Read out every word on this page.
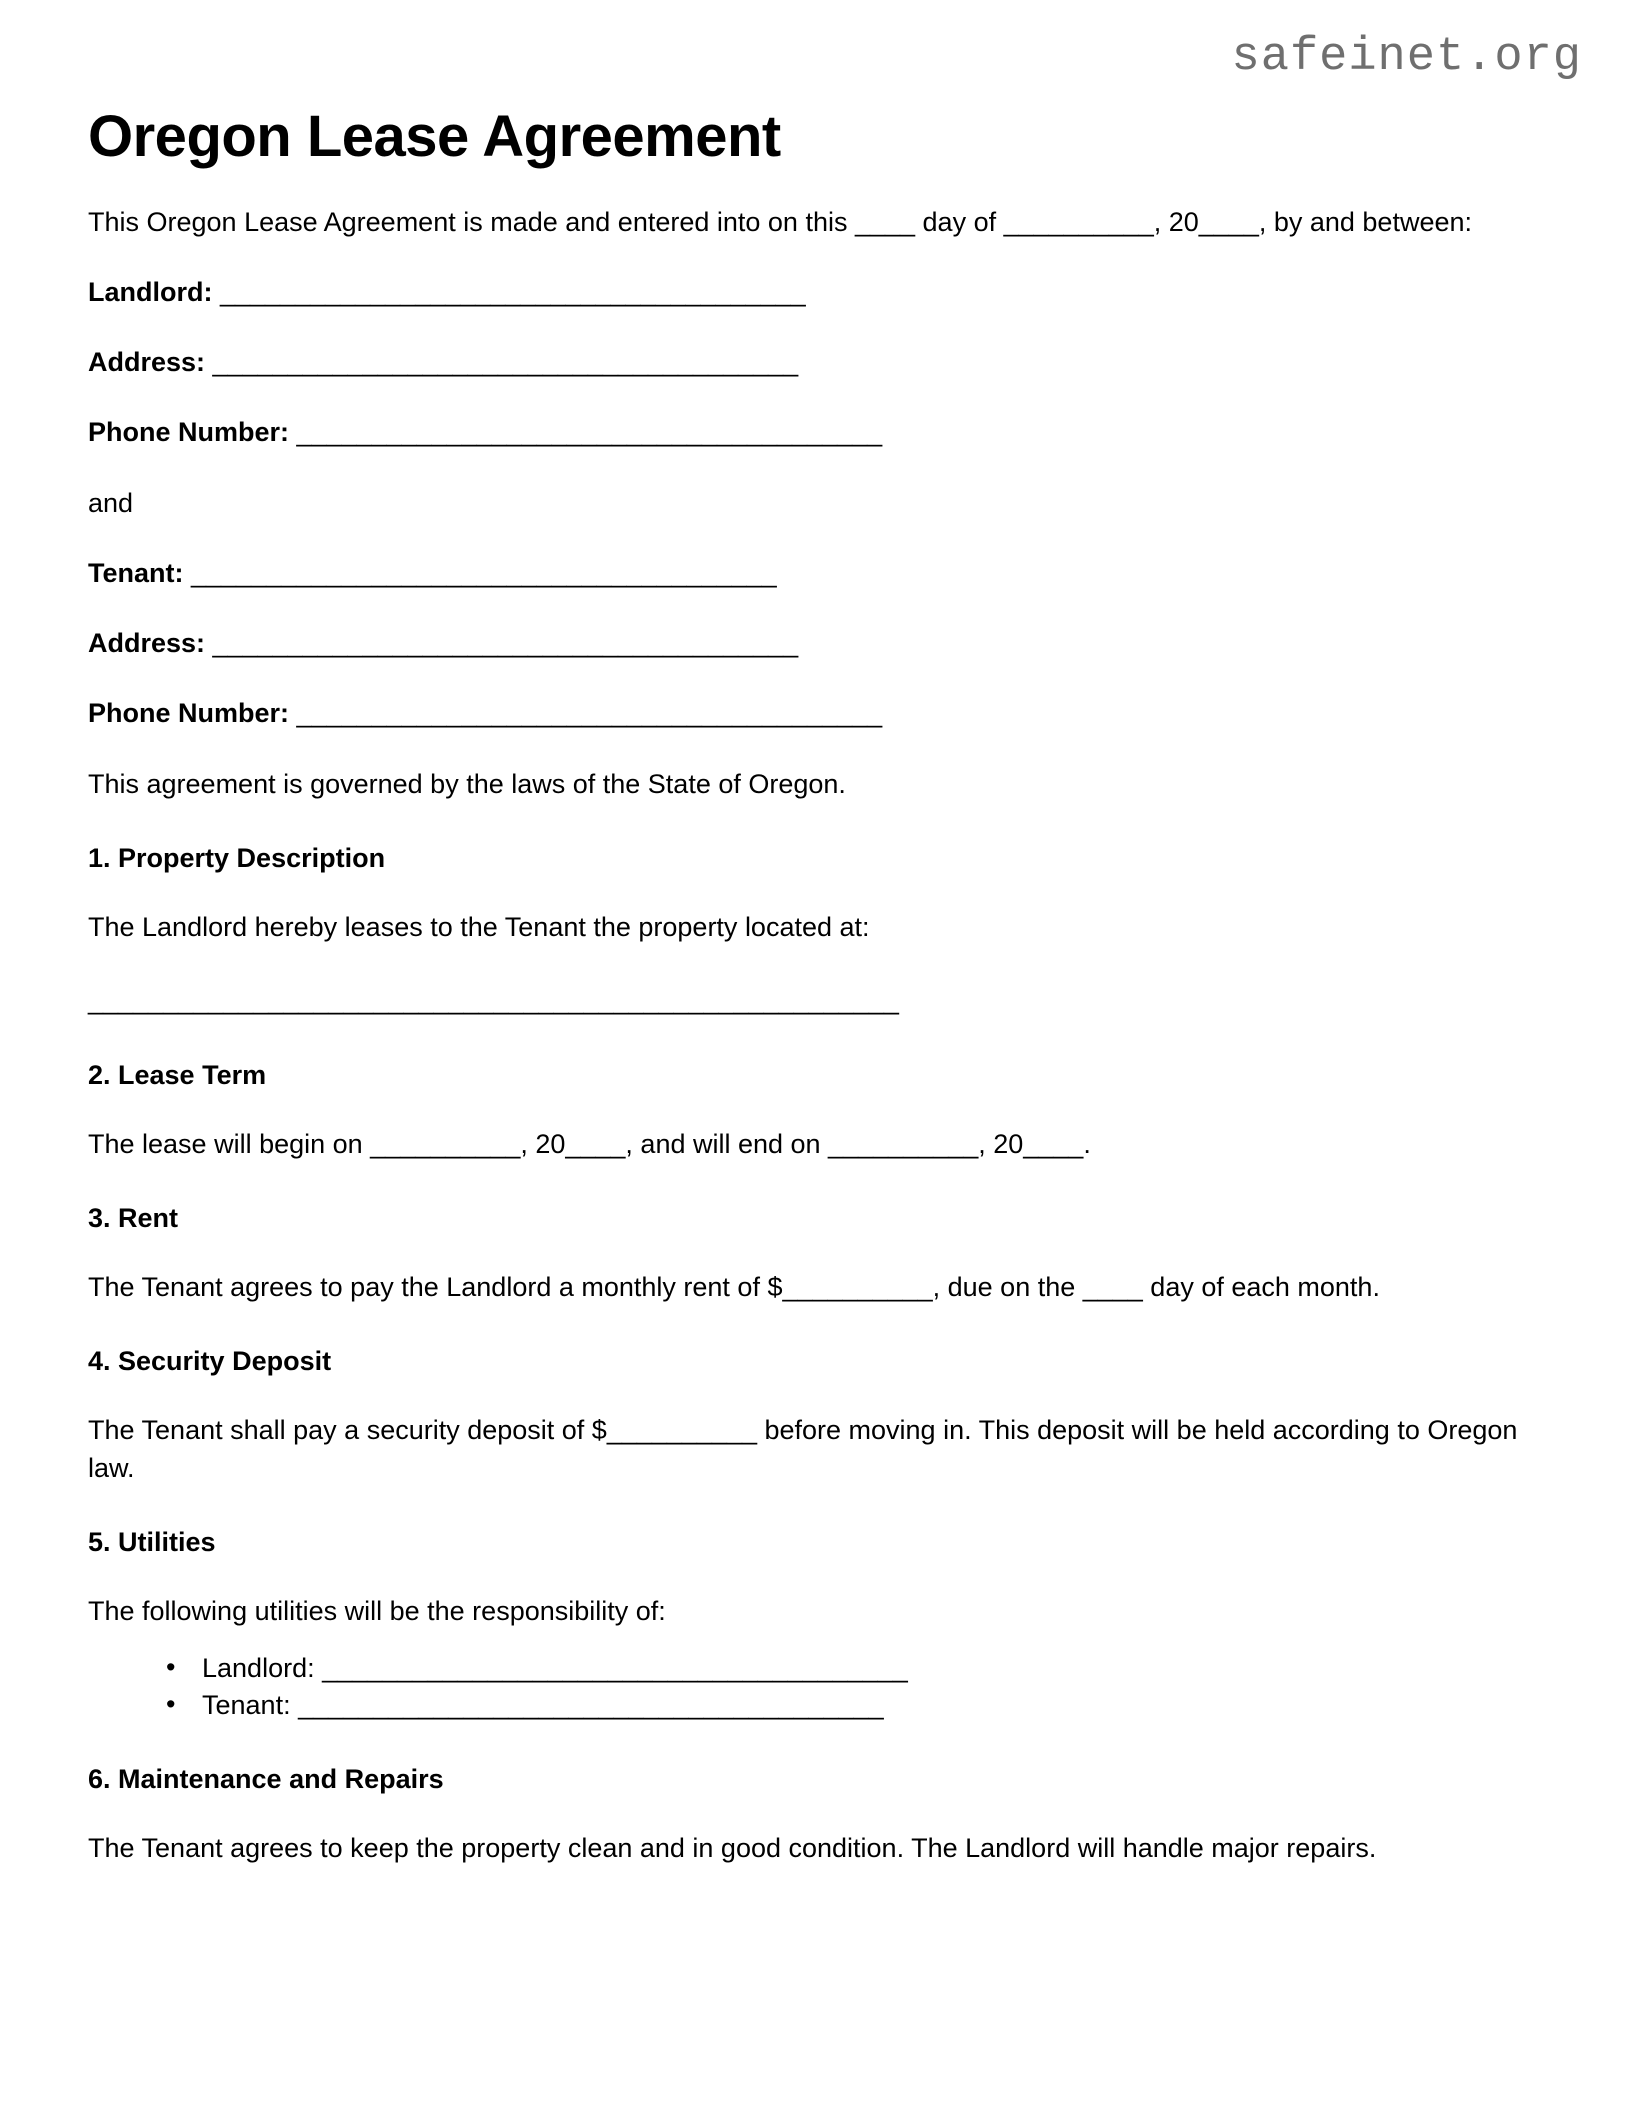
safeinet.org
Oregon Lease Agreement

This Oregon Lease Agreement is made and entered into on this ____ day of __________, 20____, by and between:

Landlord: _______________________________________
Address: _______________________________________
Phone Number: _______________________________________

and

Tenant: _______________________________________
Address: _______________________________________
Phone Number: _______________________________________

This agreement is governed by the laws of the State of Oregon.

1. Property Description

The Landlord hereby leases to the Tenant the property located at:

______________________________________________________
2. Lease Term

The lease will begin on __________, 20____, and will end on __________, 20____.

3. Rent

The Tenant agrees to pay the Landlord a monthly rent of $__________, due on the ____ day of each month.

4. Security Deposit

The Tenant shall pay a security deposit of $__________ before moving in. This deposit will be held according to Oregon law.

5. Utilities

The following utilities will be the responsibility of:

• Landlord: _______________________________________
• Tenant: _______________________________________
6. Maintenance and Repairs

The Tenant agrees to keep the property clean and in good condition. The Landlord will handle major repairs.
